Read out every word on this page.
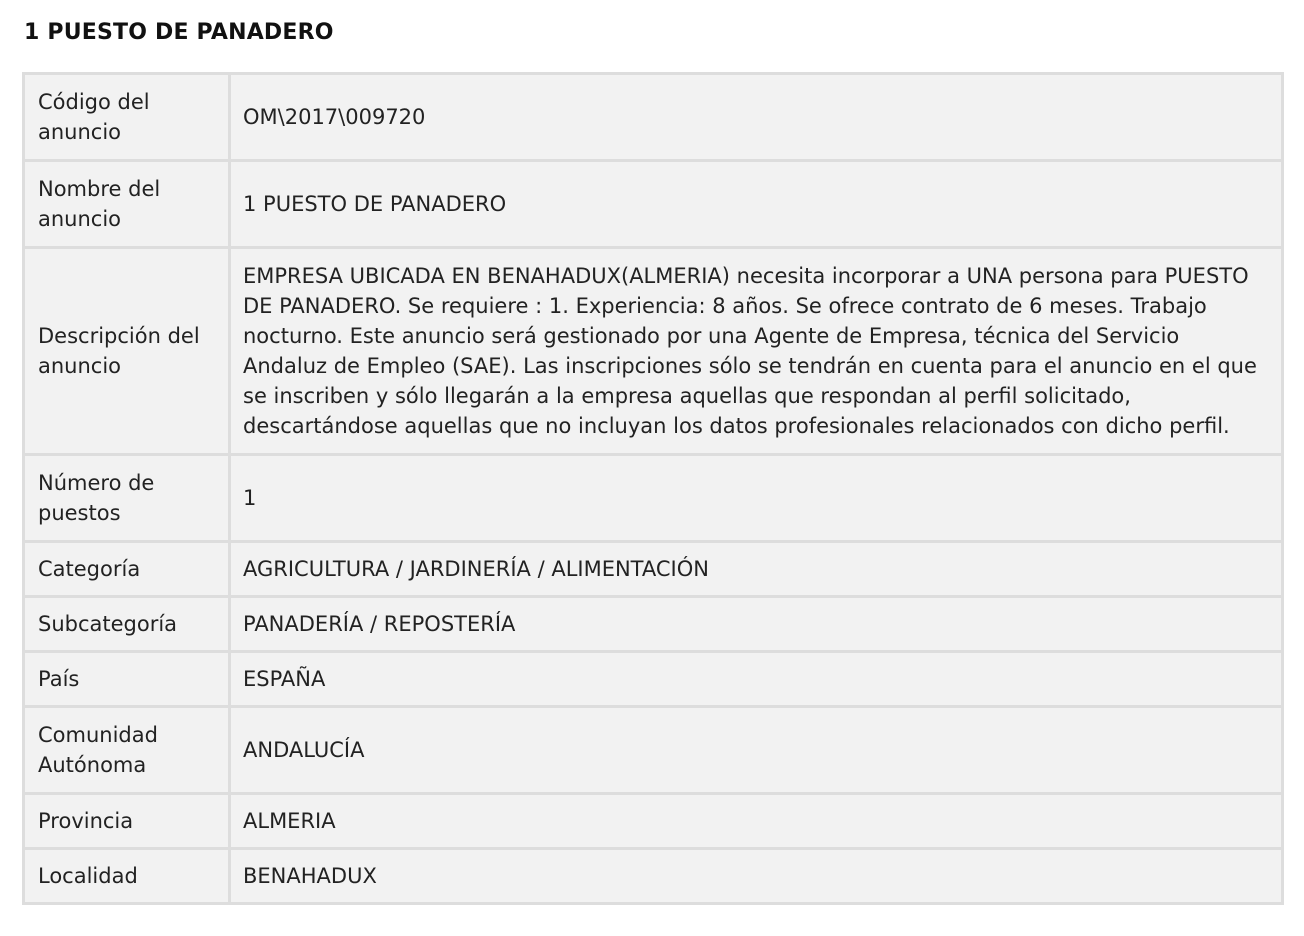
1 PUESTO DE PANADERO
Código del anuncio	OM\2017\009720
Nombre del anuncio	1 PUESTO DE PANADERO
Descripción del anuncio	EMPRESA UBICADA EN BENAHADUX(ALMERIA) necesita incorporar a UNA persona para PUESTO DE PANADERO. Se requiere : 1. Experiencia: 8 años. Se ofrece contrato de 6 meses. Trabajo nocturno. Este anuncio será gestionado por una Agente de Empresa, técnica del Servicio Andaluz de Empleo (SAE). Las inscripciones sólo se tendrán en cuenta para el anuncio en el que se inscriben y sólo llegarán a la empresa aquellas que respondan al perfil solicitado, descartándose aquellas que no incluyan los datos profesionales relacionados con dicho perfil.
Número de puestos	1
Categoría	AGRICULTURA / JARDINERÍA / ALIMENTACIÓN
Subcategoría	PANADERÍA / REPOSTERÍA
País	ESPAÑA
Comunidad Autónoma	ANDALUCÍA
Provincia	ALMERIA
Localidad	BENAHADUX
